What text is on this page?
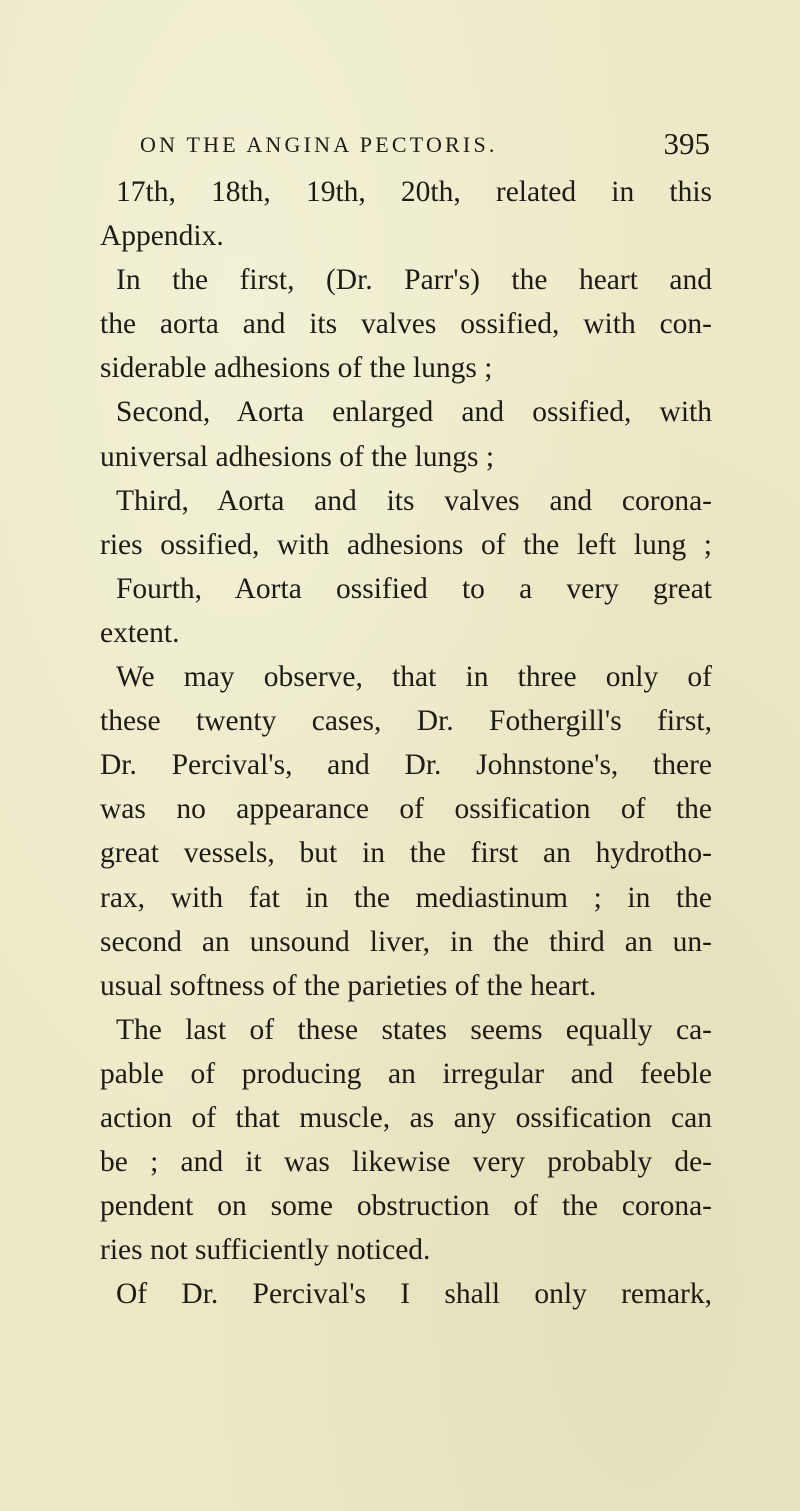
ON THE ANGINA PECTORIS.	395
17th, 18th, 19th, 20th, related in this
Appendix.
In the first, (Dr. Parr's) the heart and
the aorta and its valves ossified, with con-
siderable adhesions of the lungs ;
Second, Aorta enlarged and ossified, with
universal adhesions of the lungs ;
Third, Aorta and its valves and corona-
ries ossified, with adhesions of the left lung ;
Fourth, Aorta ossified to a very great
extent.
We may observe, that in three only of
these twenty cases, Dr. Fothergill's first,
Dr. Percival's, and Dr. Johnstone's, there
was no appearance of ossification of the
great vessels, but in the first an hydrotho-
rax, with fat in the mediastinum ; in the
second an unsound liver, in the third an un-
usual softness of the parieties of the heart.
The last of these states seems equally ca-
pable of producing an irregular and feeble
action of that muscle, as any ossification can
be ; and it was likewise very probably de-
pendent on some obstruction of the corona-
ries not sufficiently noticed.
Of Dr. Percival's I shall only remark,
